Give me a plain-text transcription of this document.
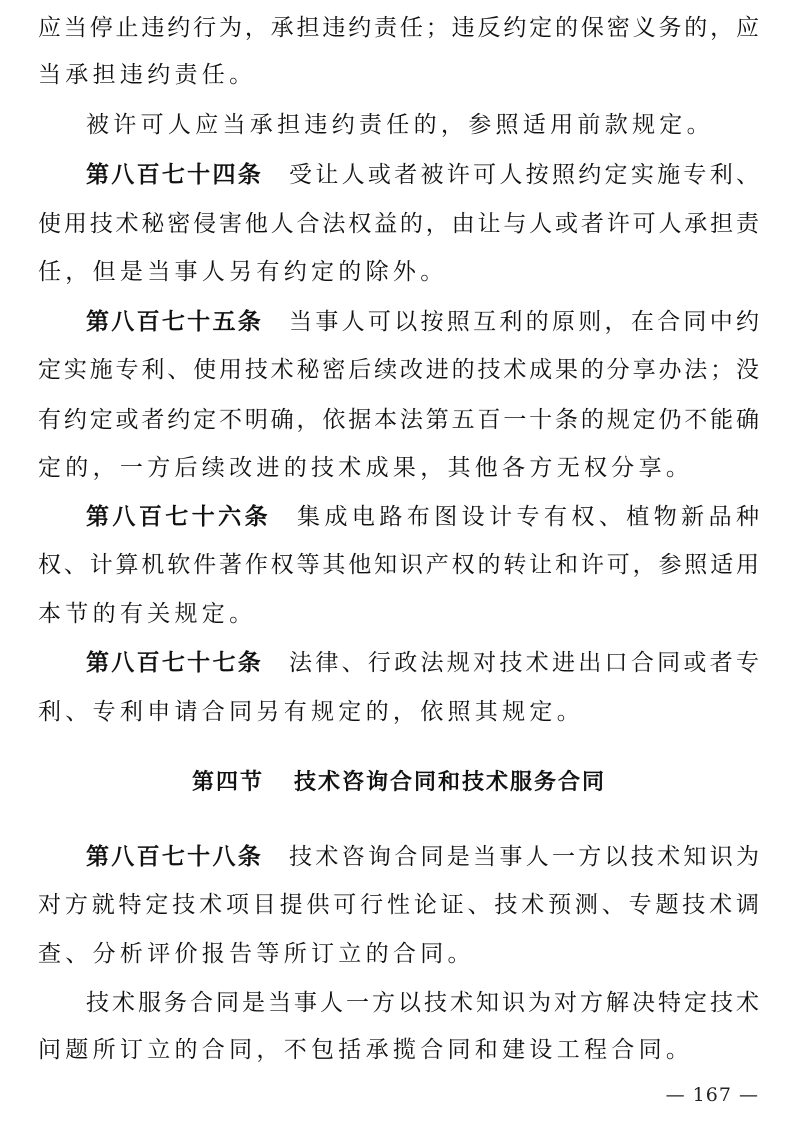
应当停止违约行为，承担违约责任；违反约定的保密义务的，应
当承担违约责任。
被许可人应当承担违约责任的，参照适用前款规定。
第八百七十四条 受让人或者被许可人按照约定实施专利、
使用技术秘密侵害他人合法权益的，由让与人或者许可人承担责
任，但是当事人另有约定的除外。
第八百七十五条 当事人可以按照互利的原则，在合同中约
定实施专利、使用技术秘密后续改进的技术成果的分享办法；没
有约定或者约定不明确，依据本法第五百一十条的规定仍不能确
定的，一方后续改进的技术成果，其他各方无权分享。
第八百七十六条 集成电路布图设计专有权、植物新品种
权、计算机软件著作权等其他知识产权的转让和许可，参照适用
本节的有关规定。
第八百七十七条 法律、行政法规对技术进出口合同或者专
利、专利申请合同另有规定的，依照其规定。
第四节 技术咨询合同和技术服务合同
第八百七十八条 技术咨询合同是当事人一方以技术知识为
对方就特定技术项目提供可行性论证、技术预测、专题技术调
查、分析评价报告等所订立的合同。
技术服务合同是当事人一方以技术知识为对方解决特定技术
问题所订立的合同，不包括承揽合同和建设工程合同。
— 167 —
